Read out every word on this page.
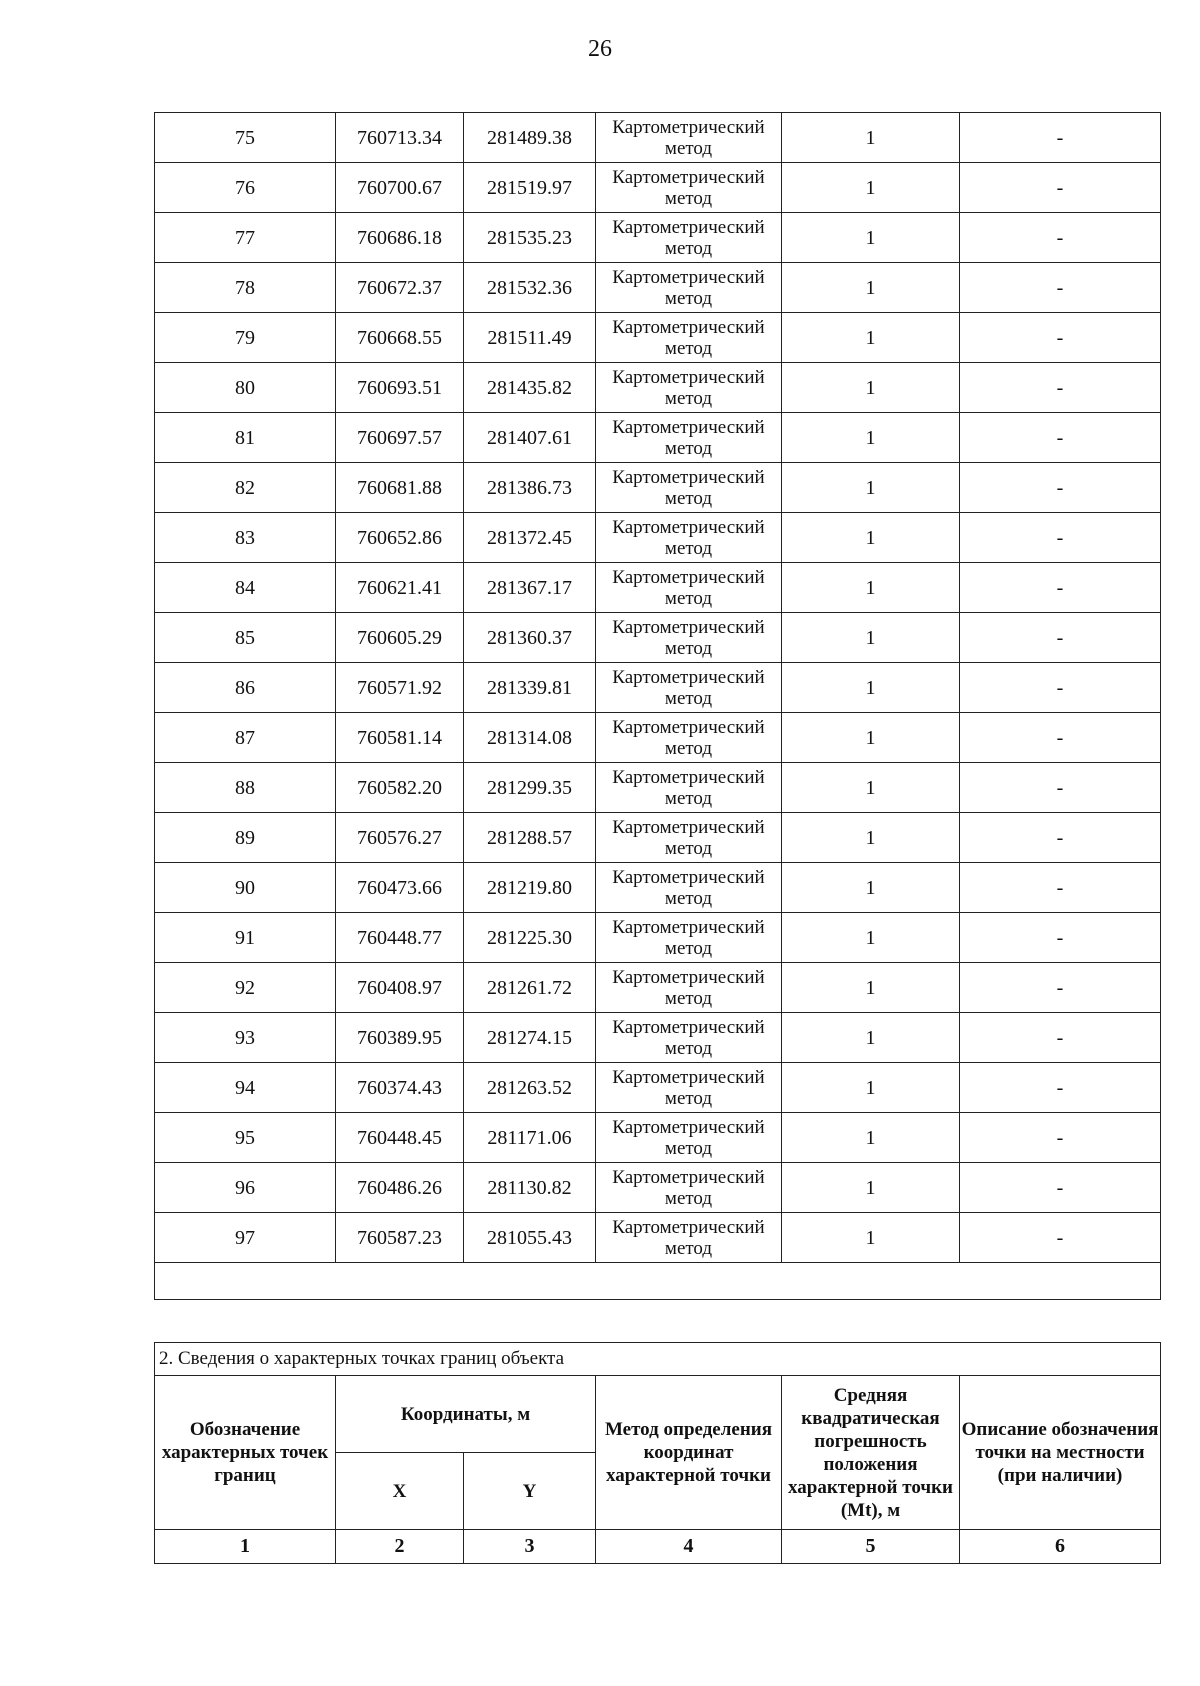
26
75	760713.34	281489.38	Картометрический метод	1	-
76	760700.67	281519.97	Картометрический метод	1	-
77	760686.18	281535.23	Картометрический метод	1	-
78	760672.37	281532.36	Картометрический метод	1	-
79	760668.55	281511.49	Картометрический метод	1	-
80	760693.51	281435.82	Картометрический метод	1	-
81	760697.57	281407.61	Картометрический метод	1	-
82	760681.88	281386.73	Картометрический метод	1	-
83	760652.86	281372.45	Картометрический метод	1	-
84	760621.41	281367.17	Картометрический метод	1	-
85	760605.29	281360.37	Картометрический метод	1	-
86	760571.92	281339.81	Картометрический метод	1	-
87	760581.14	281314.08	Картометрический метод	1	-
88	760582.20	281299.35	Картометрический метод	1	-
89	760576.27	281288.57	Картометрический метод	1	-
90	760473.66	281219.80	Картометрический метод	1	-
91	760448.77	281225.30	Картометрический метод	1	-
92	760408.97	281261.72	Картометрический метод	1	-
93	760389.95	281274.15	Картометрический метод	1	-
94	760374.43	281263.52	Картометрический метод	1	-
95	760448.45	281171.06	Картометрический метод	1	-
96	760486.26	281130.82	Картометрический метод	1	-
97	760587.23	281055.43	Картометрический метод	1	-

2. Сведения о характерных точках границ объекта					
Обозначение характерных точек границ	Координаты, м		Метод определения координат характерной точки	Средняя квадратическая погрешность положения характерной точки (Mt), м	Описание обозначения точки на местности (при наличии)
	X	Y			
1	2	3	4	5	6
